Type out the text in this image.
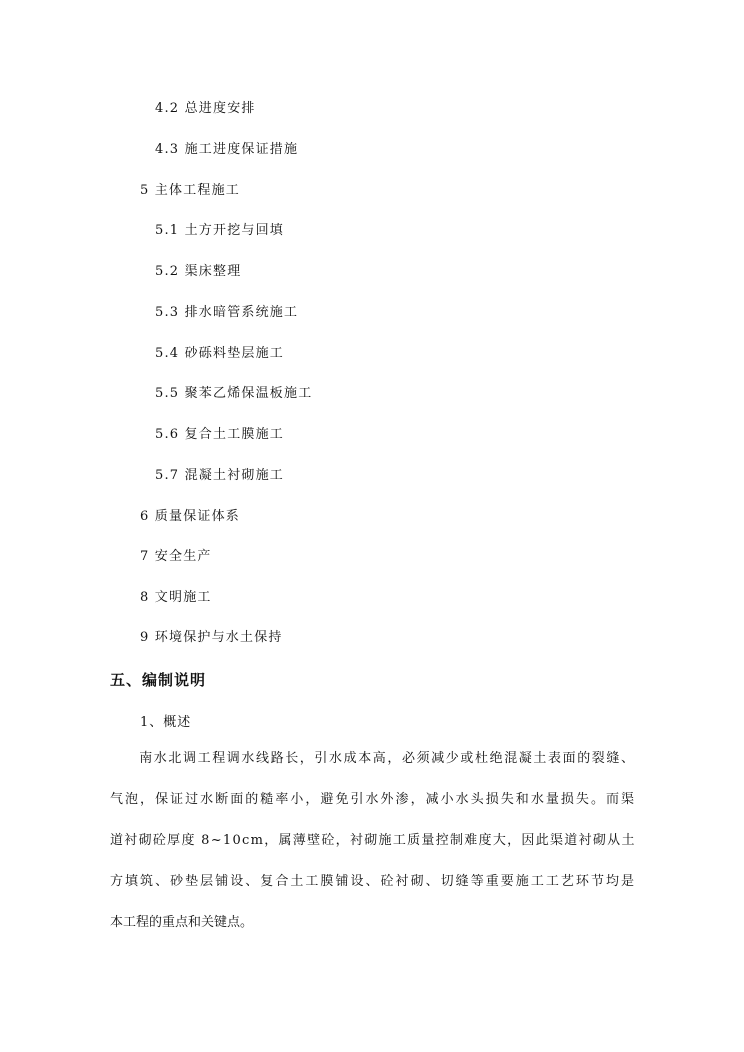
4.2 总进度安排
4.3 施工进度保证措施
5 主体工程施工
5.1 土方开挖与回填
5.2 渠床整理
5.3 排水暗管系统施工
5.4 砂砾料垫层施工
5.5 聚苯乙烯保温板施工
5.6 复合土工膜施工
5.7 混凝土衬砌施工
6 质量保证体系
7 安全生产
8 文明施工
9 环境保护与水土保持
五、编制说明
1、概述
　　南水北调工程调水线路长，引水成本高，必须减少或杜绝混凝土表面的裂缝、
气泡，保证过水断面的糙率小，避免引水外渗，减小水头损失和水量损失。而渠
道衬砌砼厚度 8~10cm，属薄壁砼，衬砌施工质量控制难度大，因此渠道衬砌从土
方填筑、砂垫层铺设、复合土工膜铺设、砼衬砌、切缝等重要施工工艺环节均是
本工程的重点和关键点。
